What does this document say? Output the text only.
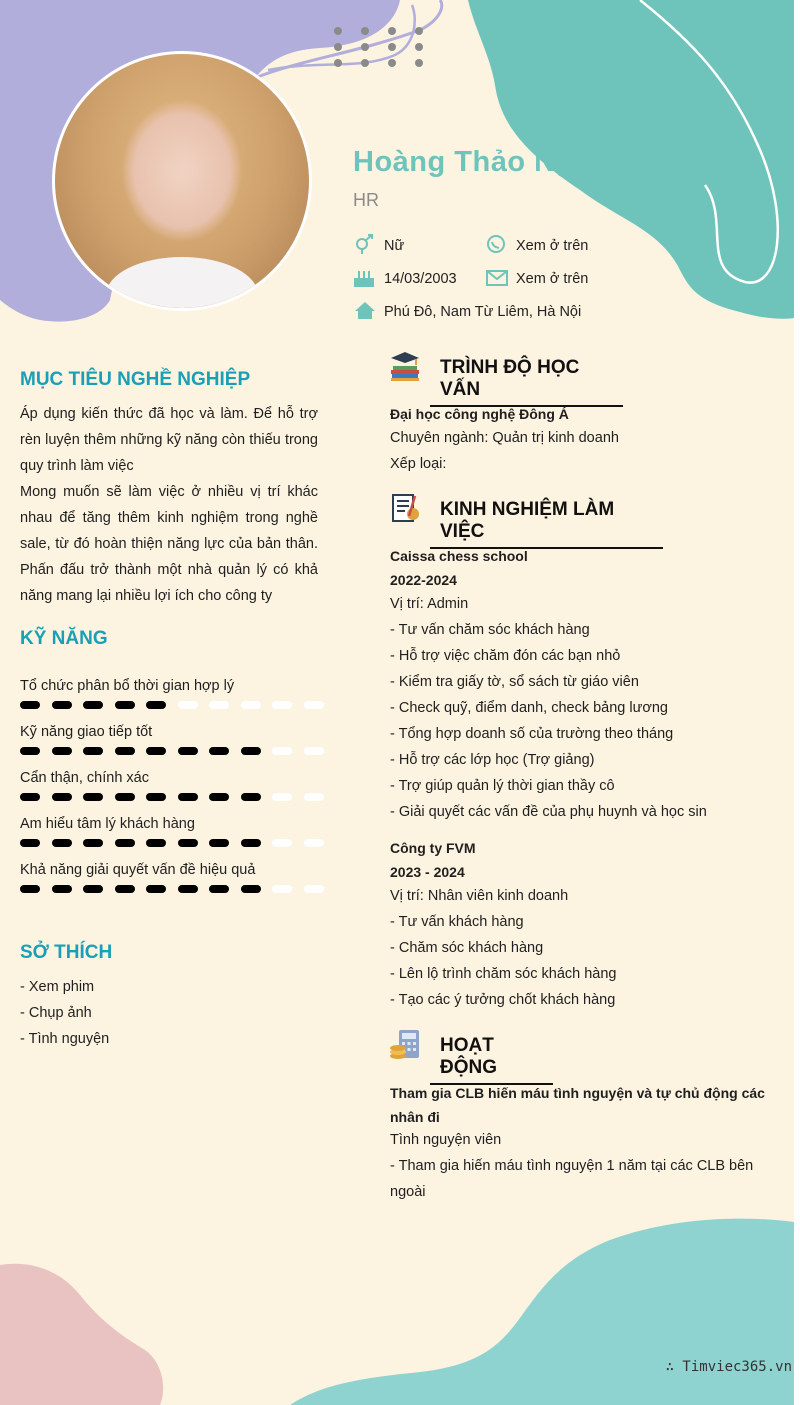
Hoàng Thảo Nguyên
HR
Nữ	Xem ở trên
14/03/2003	Xem ở trên
Phú Đô, Nam Từ Liêm, Hà Nội
MỤC TIÊU NGHỀ NGHIỆP
Áp dụng kiến thức đã học và làm. Để hỗ trợ rèn luyện thêm những kỹ năng còn thiếu trong quy trình làm việc
Mong muốn sẽ làm việc ở nhiều vị trí khác nhau để tăng thêm kinh nghiệm trong nghề sale, từ đó hoàn thiện năng lực của bản thân. Phấn đấu trở thành một nhà quản lý có khả năng mang lại nhiều lợi ích cho công ty
KỸ NĂNG
Tổ chức phân bổ thời gian hợp lý
Kỹ năng giao tiếp tốt
Cẩn thận, chính xác
Am hiểu tâm lý khách hàng
Khả năng giải quyết vấn đề hiệu quả
SỞ THÍCH
- Xem phim
- Chụp ảnh
- Tình nguyện
TRÌNH ĐỘ HỌC VẤN
Đại học công nghệ Đông Á
Chuyên ngành: Quản trị kinh doanh
Xếp loại:
KINH NGHIỆM LÀM VIỆC
Caissa chess school
2022-2024
Vị trí: Admin
- Tư vấn chăm sóc khách hàng
- Hỗ trợ việc chăm đón các bạn nhỏ
- Kiểm tra giấy tờ, sổ sách từ giáo viên
- Check quỹ, điểm danh, check bảng lương
- Tổng hợp doanh số của trường theo tháng
- Hỗ trợ các lớp học (Trợ giảng)
- Trợ giúp quản lý thời gian thầy cô
- Giải quyết các vấn đề của phụ huynh và học sin
Công ty FVM
2023 - 2024
Vị trí: Nhân viên kinh doanh
- Tư vấn khách hàng
- Chăm sóc khách hàng
- Lên lộ trình chăm sóc khách hàng
- Tạo các ý tưởng chốt khách hàng
HOẠT ĐỘNG
Tham gia CLB hiến máu tình nguyện và tự chủ động các nhân đi
Tình nguyện viên
- Tham gia hiến máu tình nguyện 1 năm tại các CLB bên ngoài
∴ Timviec365.vn
